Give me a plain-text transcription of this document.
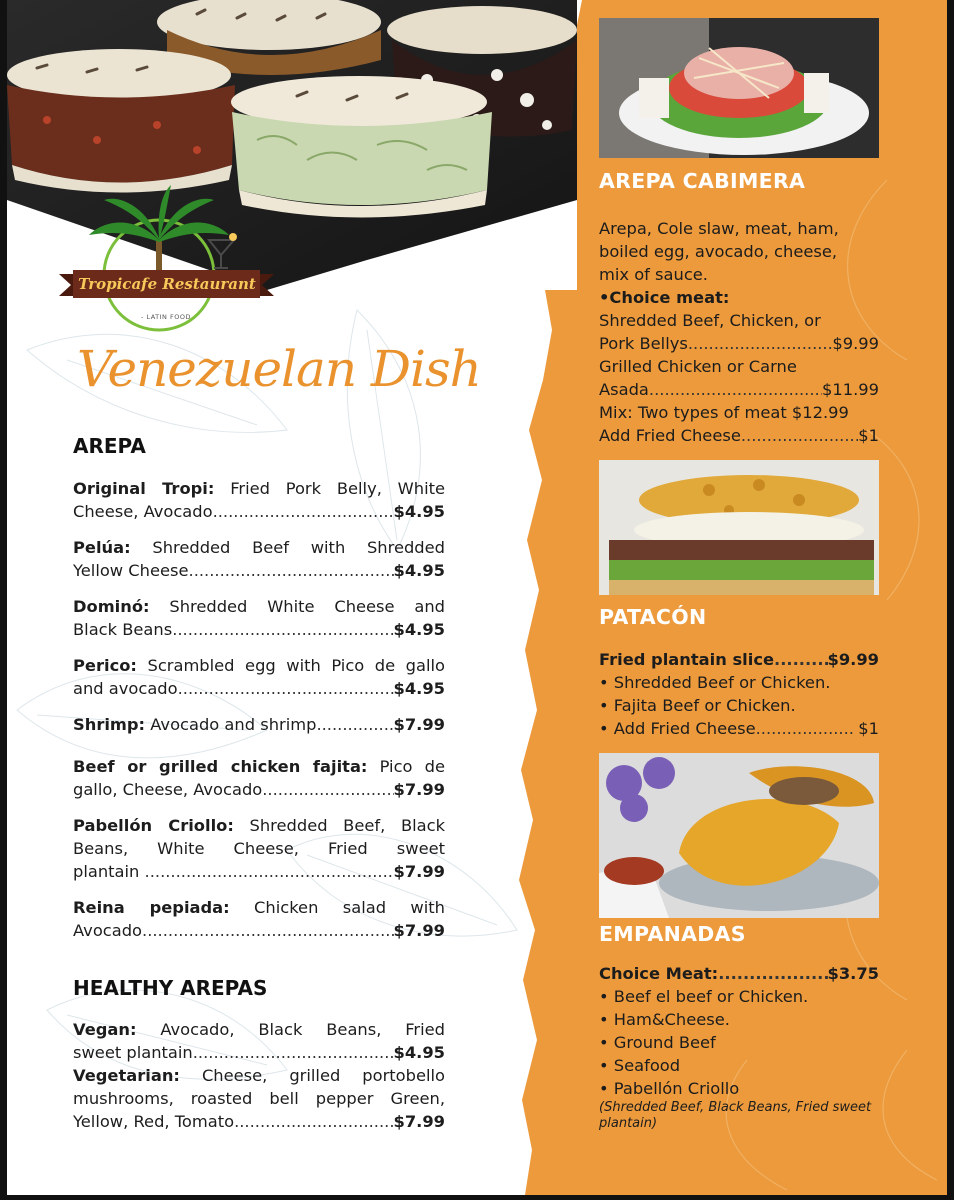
Tropicafe Restaurant
- LATIN FOOD
Venezuelan Dish
AREPA
Original Tropi: Fried Pork Belly, White
Cheese, Avocado .....	$4.95
Pelúa: Shredded Beef with Shredded
Yellow Cheese .....	$4.95
Dominó: Shredded White Cheese and
Black Beans .....	$4.95
Perico: Scrambled egg with Pico de gallo
and avocado .....	$4.95
Shrimp:
Avocado and shrimp .....	$7.99
Beef or grilled chicken fajita: Pico de
gallo, Cheese, Avocado .....	$7.99
Pabellón Criollo: Shredded Beef, Black
Beans, White Cheese, Fried sweet
plantain
.....	$7.99
Reina pepiada: Chicken salad with
Avocado .....	$7.99
HEALTHY AREPAS
Vegan: Avocado, Black Beans, Fried
sweet plantain .....	$4.95
Vegetarian: Cheese, grilled portobello
mushrooms, roasted bell pepper Green,
Yellow, Red, Tomato .....	$7.99
AREPA CABIMERA
Arepa, Cole slaw, meat, ham,
boiled egg, avocado, cheese,
mix of sauce.
•Choice meat:
Shredded Beef, Chicken, or
Pork Bellys .....	$9.99
Grilled Chicken or Carne
Asada .....	$11.99
Mix: Two types of meat $12.99
Add Fried Cheese .....	$1
PATACÓN
Fried plantain slice .....	$9.99
• Shredded Beef or Chicken.
• Fajita Beef or Chicken.
• Add Fried Cheese .....
	$1
EMPANADAS
Choice Meat: .....	$3.75
• Beef el beef or Chicken.
• Ham&Cheese.
• Ground Beef
• Seafood
• Pabellón Criollo
(Shredded Beef, Black Beans, Fried sweet plantain)
